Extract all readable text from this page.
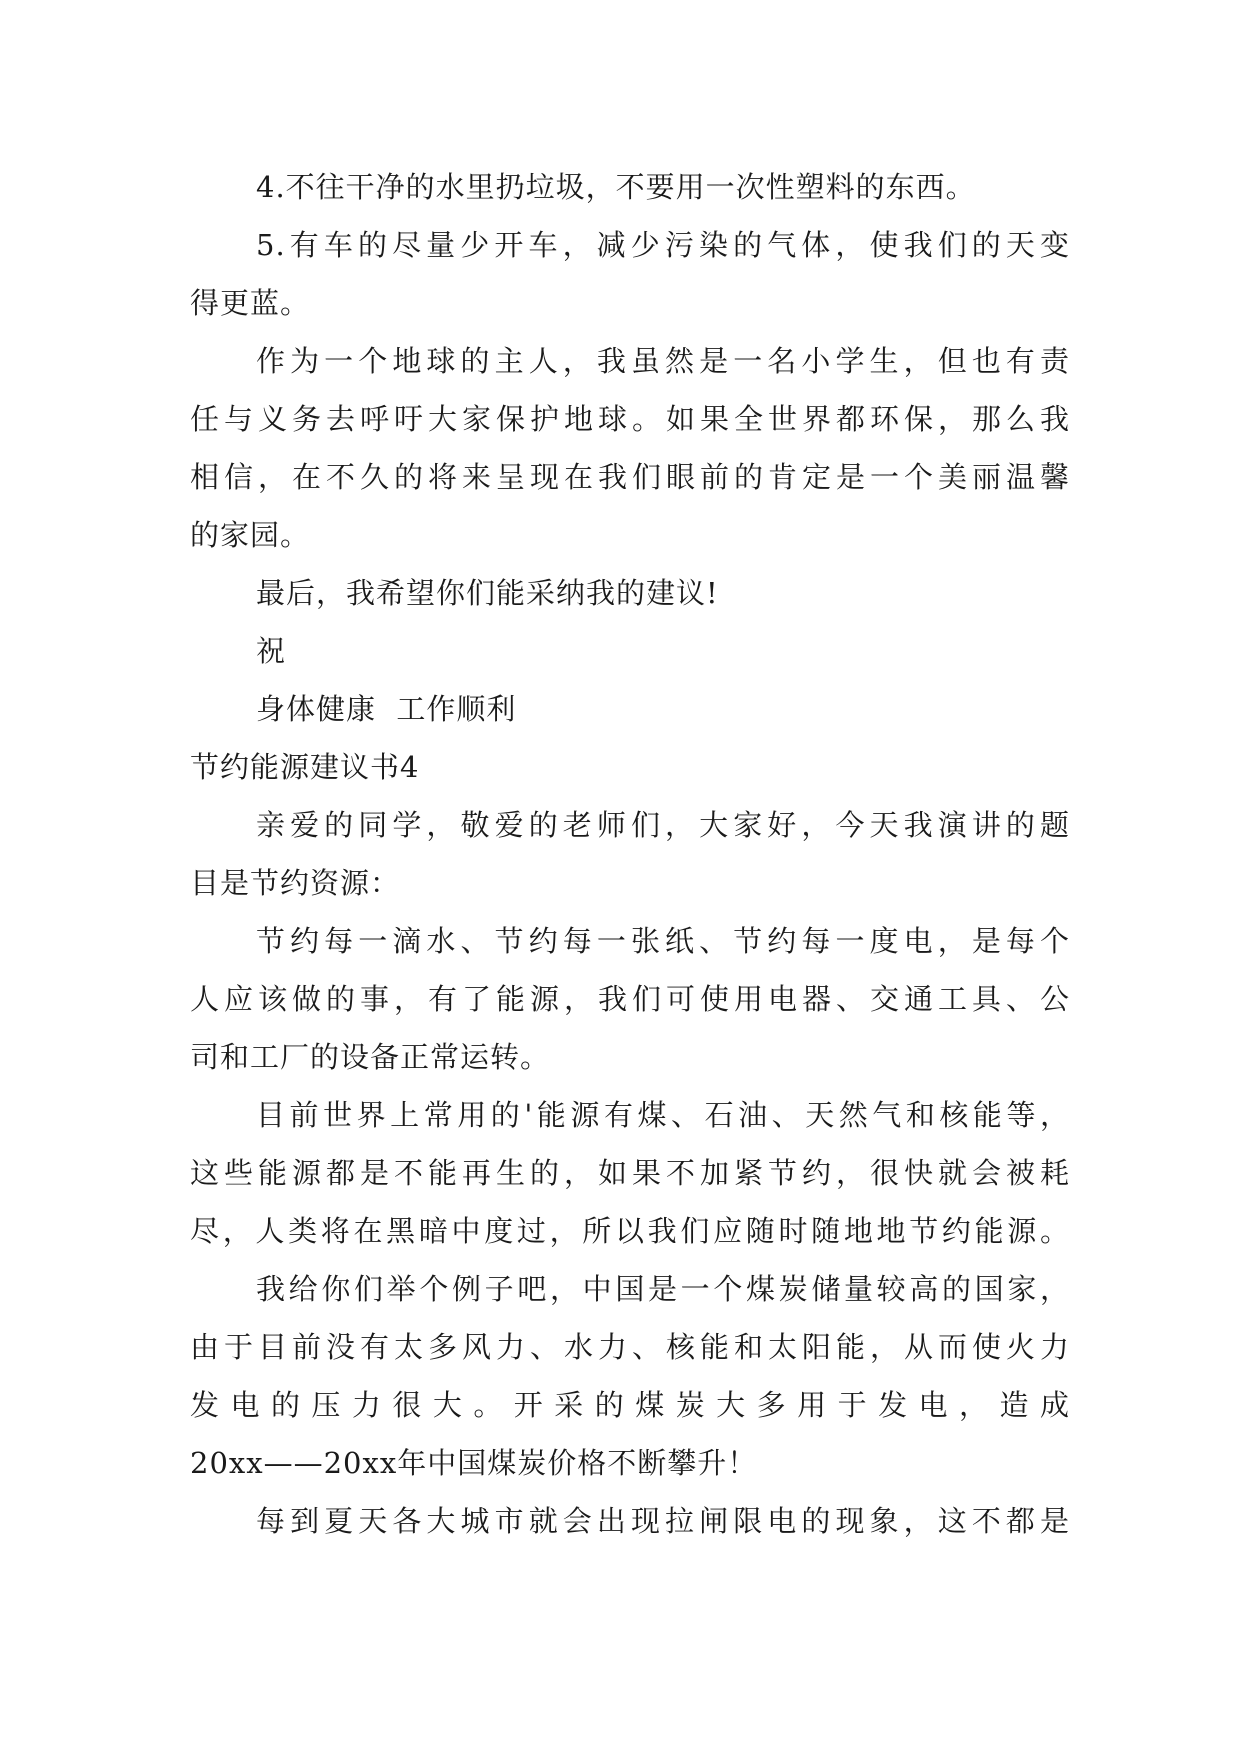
4.不往干净的水里扔垃圾，不要用一次性塑料的东西。
5.有车的尽量少开车，减少污染的气体，使我们的天变
得更蓝。
作为一个地球的主人，我虽然是一名小学生，但也有责
任与义务去呼吁大家保护地球。如果全世界都环保，那么我
相信，在不久的将来呈现在我们眼前的肯定是一个美丽温馨
的家园。
最后，我希望你们能采纳我的建议!
祝
身体健康  工作顺利
节约能源建议书4
亲爱的同学，敬爱的老师们，大家好，今天我演讲的题
目是节约资源：
节约每一滴水、节约每一张纸、节约每一度电，是每个
人应该做的事，有了能源，我们可使用电器、交通工具、公
司和工厂的设备正常运转。
目前世界上常用的'能源有煤、石油、天然气和核能等，
这些能源都是不能再生的，如果不加紧节约，很快就会被耗
尽，人类将在黑暗中度过，所以我们应随时随地地节约能源。
我给你们举个例子吧，中国是一个煤炭储量较高的国家，
由于目前没有太多风力、水力、核能和太阳能，从而使火力
发电的压力很大。开采的煤炭大多用于发电，造成
20xx——20xx年中国煤炭价格不断攀升！
每到夏天各大城市就会出现拉闸限电的现象，这不都是
